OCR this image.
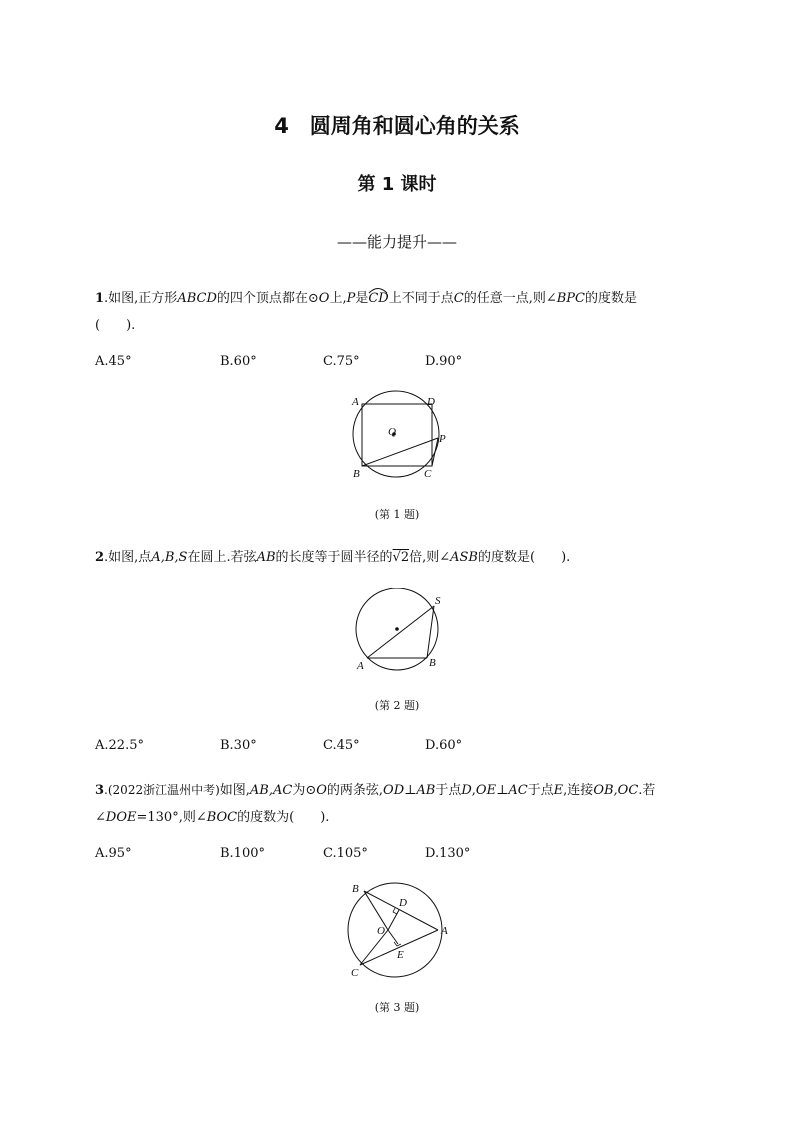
4　圆周角和圆心角的关系
第 1 课时
——能力提升——
1.如图,正方形ABCD的四个顶点都在⊙O上,P是CD
上不同于点C的任意一点,则∠BPC的度数是
(　　).
A.45°	B.60°	C.75°	D.90°
A	D
Q
P
B	C
(第 1 题)
2.如图,点A,B,S在圆上.若弦AB的长度等于圆半径的√2倍,则∠ASB的度数是(　　).
S
A	B
(第 2 题)
A.22.5°	B.30°	C.45°	D.60°
3.(2022浙江温州中考)如图,AB,AC为⊙O的两条弦,OD⊥AB于点D,OE⊥AC于点E,连接OB,OC.若
∠DOE=130°,则∠BOC的度数为(　　).
A.95°	B.100°	C.105°	D.130°
B
D
O	A
E
C
(第 3 题)
